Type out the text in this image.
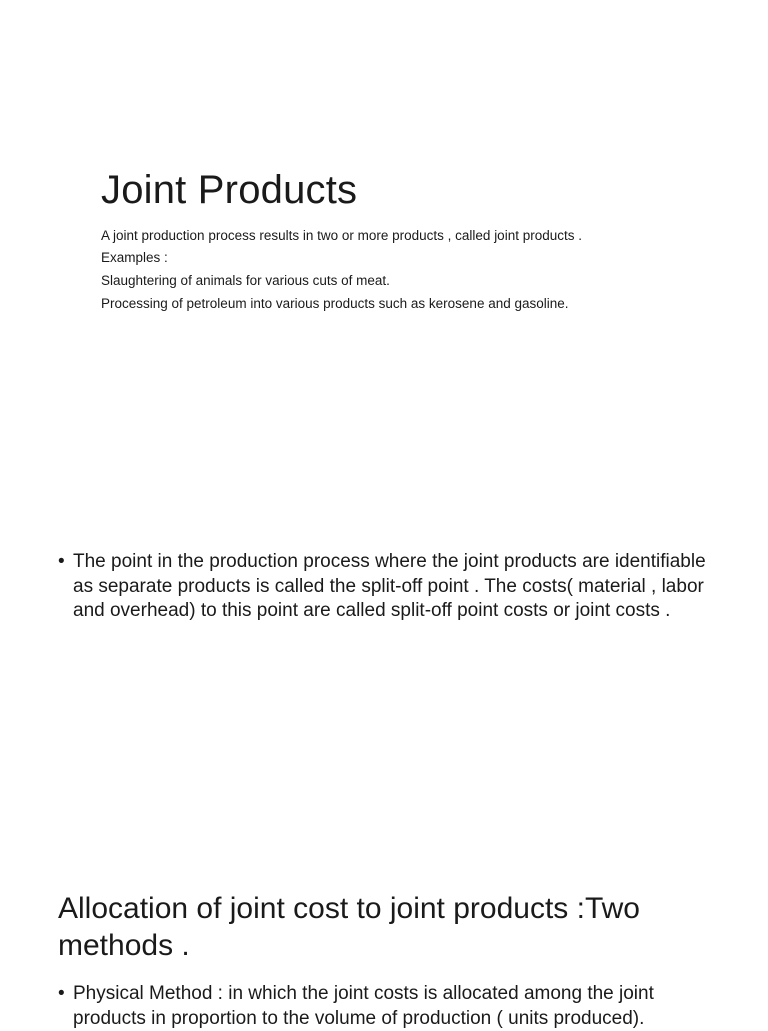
Joint Products

A joint production process results in two or more products , called joint products .

Examples :

Slaughtering of animals for various cuts of meat.

Processing of petroleum into various products such as kerosene and gasoline.

• The point in the production process where the joint products are identifiable as separate products is called the split-off point . The costs( material , labor and overhead) to this point are called split-off point costs or joint costs .
Allocation of joint cost to joint products :Two methods .
• Physical Method : in which the joint costs is allocated among the joint products in proportion to the volume of production ( units produced).
